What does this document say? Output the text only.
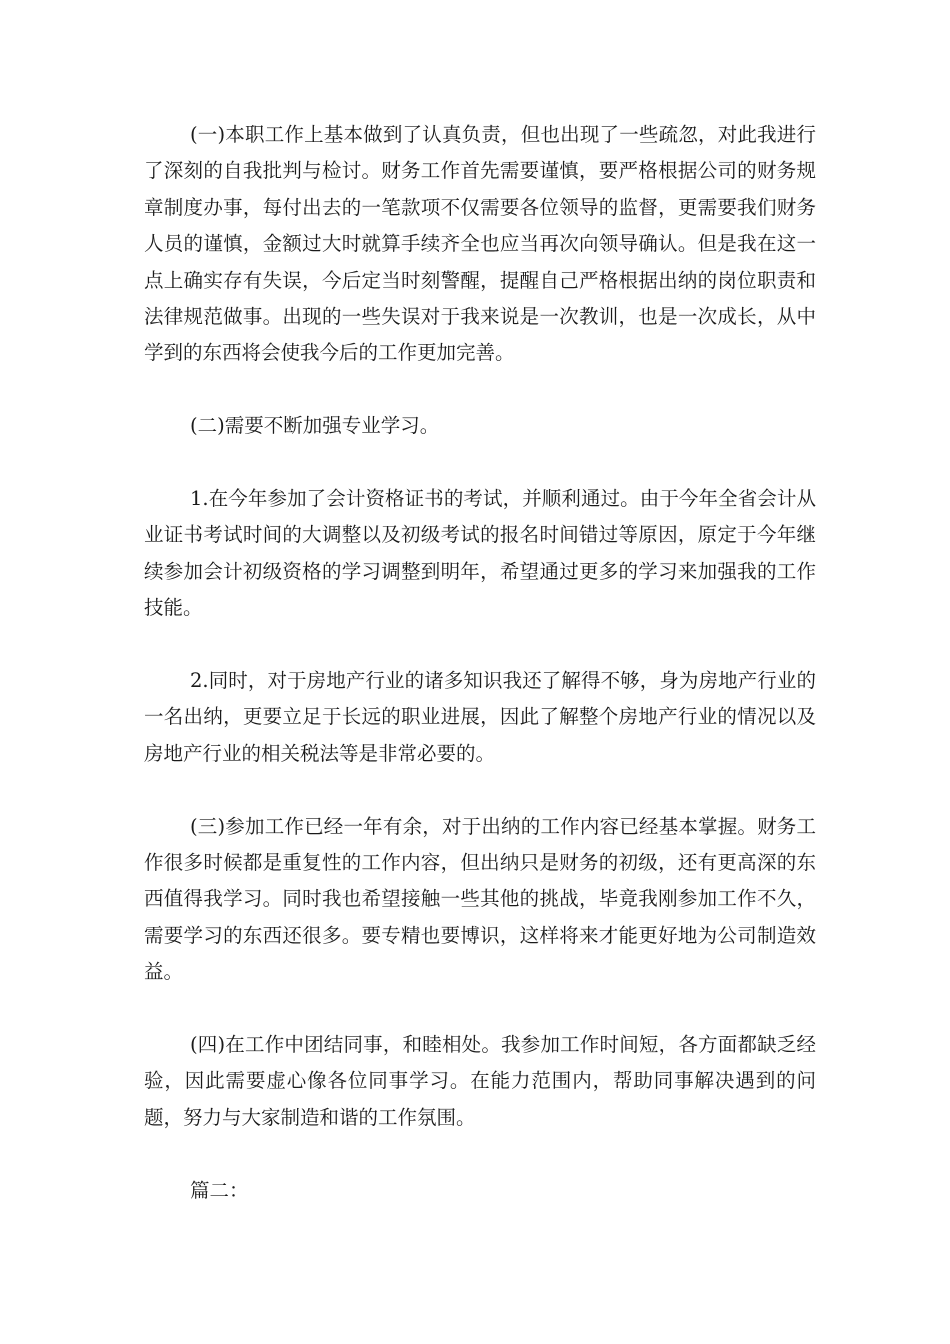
(一)本职工作上基本做到了认真负责，但也出现了一些疏忽，对此我进行了深刻的自我批判与检讨。财务工作首先需要谨慎，要严格根据公司的财务规章制度办事，每付出去的一笔款项不仅需要各位领导的监督，更需要我们财务人员的谨慎，金额过大时就算手续齐全也应当再次向领导确认。但是我在这一点上确实存有失误，今后定当时刻警醒，提醒自己严格根据出纳的岗位职责和法律规范做事。出现的一些失误对于我来说是一次教训，也是一次成长，从中学到的东西将会使我今后的工作更加完善。

(二)需要不断加强专业学习。

1.在今年参加了会计资格证书的考试，并顺利通过。由于今年全省会计从业证书考试时间的大调整以及初级考试的报名时间错过等原因，原定于今年继续参加会计初级资格的学习调整到明年，希望通过更多的学习来加强我的工作技能。

2.同时，对于房地产行业的诸多知识我还了解得不够，身为房地产行业的一名出纳，更要立足于长远的职业进展，因此了解整个房地产行业的情况以及房地产行业的相关税法等是非常必要的。

(三)参加工作已经一年有余，对于出纳的工作内容已经基本掌握。财务工作很多时候都是重复性的工作内容，但出纳只是财务的初级，还有更高深的东西值得我学习。同时我也希望接触一些其他的挑战，毕竟我刚参加工作不久，需要学习的东西还很多。要专精也要博识，这样将来才能更好地为公司制造效益。

(四)在工作中团结同事，和睦相处。我参加工作时间短，各方面都缺乏经验，因此需要虚心像各位同事学习。在能力范围内，帮助同事解决遇到的问题，努力与大家制造和谐的工作氛围。

篇二：
